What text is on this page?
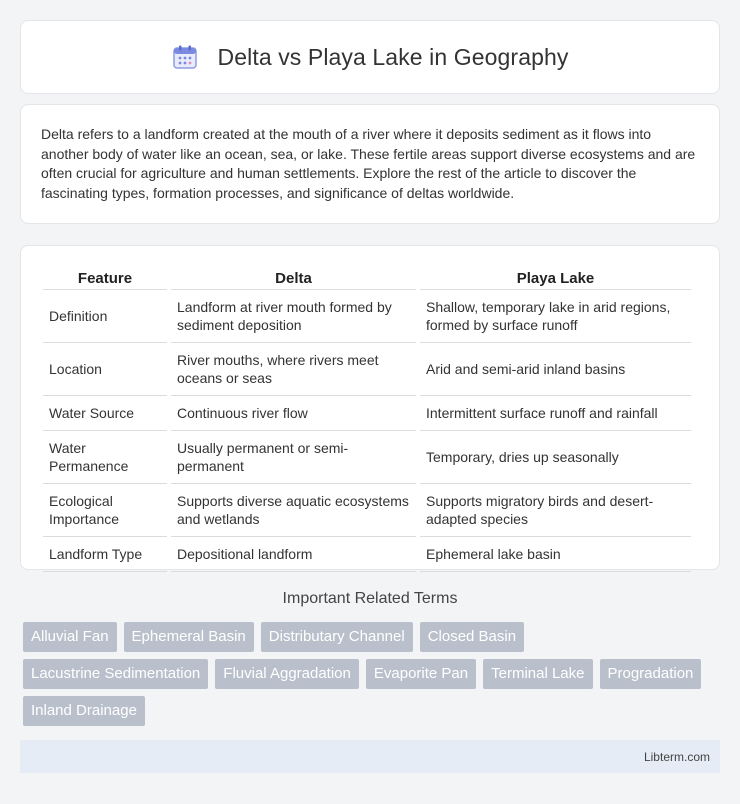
Delta vs Playa Lake in Geography

Delta refers to a landform created at the mouth of a river where it deposits sediment as it flows into another body of water like an ocean, sea, or lake. These fertile areas support diverse ecosystems and are often crucial for agriculture and human settlements. Explore the rest of the article to discover the fascinating types, formation processes, and significance of deltas worldwide.

Feature	Delta	Playa Lake
Definition	Landform at river mouth formed by sediment deposition	Shallow, temporary lake in arid regions, formed by surface runoff
Location	River mouths, where rivers meet oceans or seas	Arid and semi-arid inland basins
Water Source	Continuous river flow	Intermittent surface runoff and rainfall
Water Permanence	Usually permanent or semi-permanent	Temporary, dries up seasonally
Ecological Importance	Supports diverse aquatic ecosystems and wetlands	Supports migratory birds and desert-adapted species
Landform Type	Depositional landform	Ephemeral lake basin
Important Related Terms
Alluvial Fan	Ephemeral Basin	Distributary Channel	Closed Basin
Lacustrine Sedimentation	Fluvial Aggradation	Evaporite Pan	Terminal Lake	Progradation
Inland Drainage
Libterm.com
